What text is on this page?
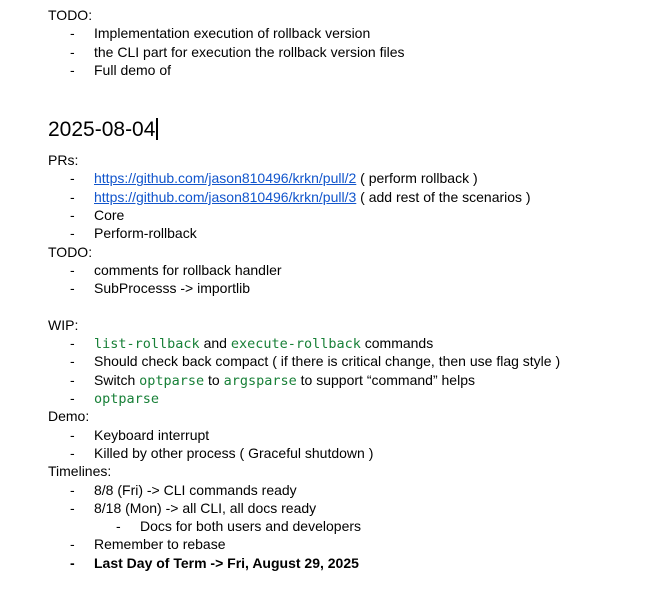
TODO:
- Implementation execution of rollback version
- the CLI part for execution the rollback version files
- Full demo of
2025-08-04
PRs:
- https://github.com/jason810496/krkn/pull/2 ( perform rollback )
- https://github.com/jason810496/krkn/pull/3 ( add rest of the scenarios )
- Core
- Perform-rollback
TODO:
- comments for rollback handler
- SubProcesss -> importlib
WIP:
- list-rollback and execute-rollback commands
- Should check back compact ( if there is critical change, then use flag style )
- Switch optparse to argsparse to support “command” helps
- optparse
Demo:
- Keyboard interrupt
- Killed by other process ( Graceful shutdown )
Timelines:
- 8/8 (Fri) -> CLI commands ready
- 8/18 (Mon) -> all CLI, all docs ready
- Docs for both users and developers
- Remember to rebase
- Last Day of Term -> Fri, August 29, 2025
